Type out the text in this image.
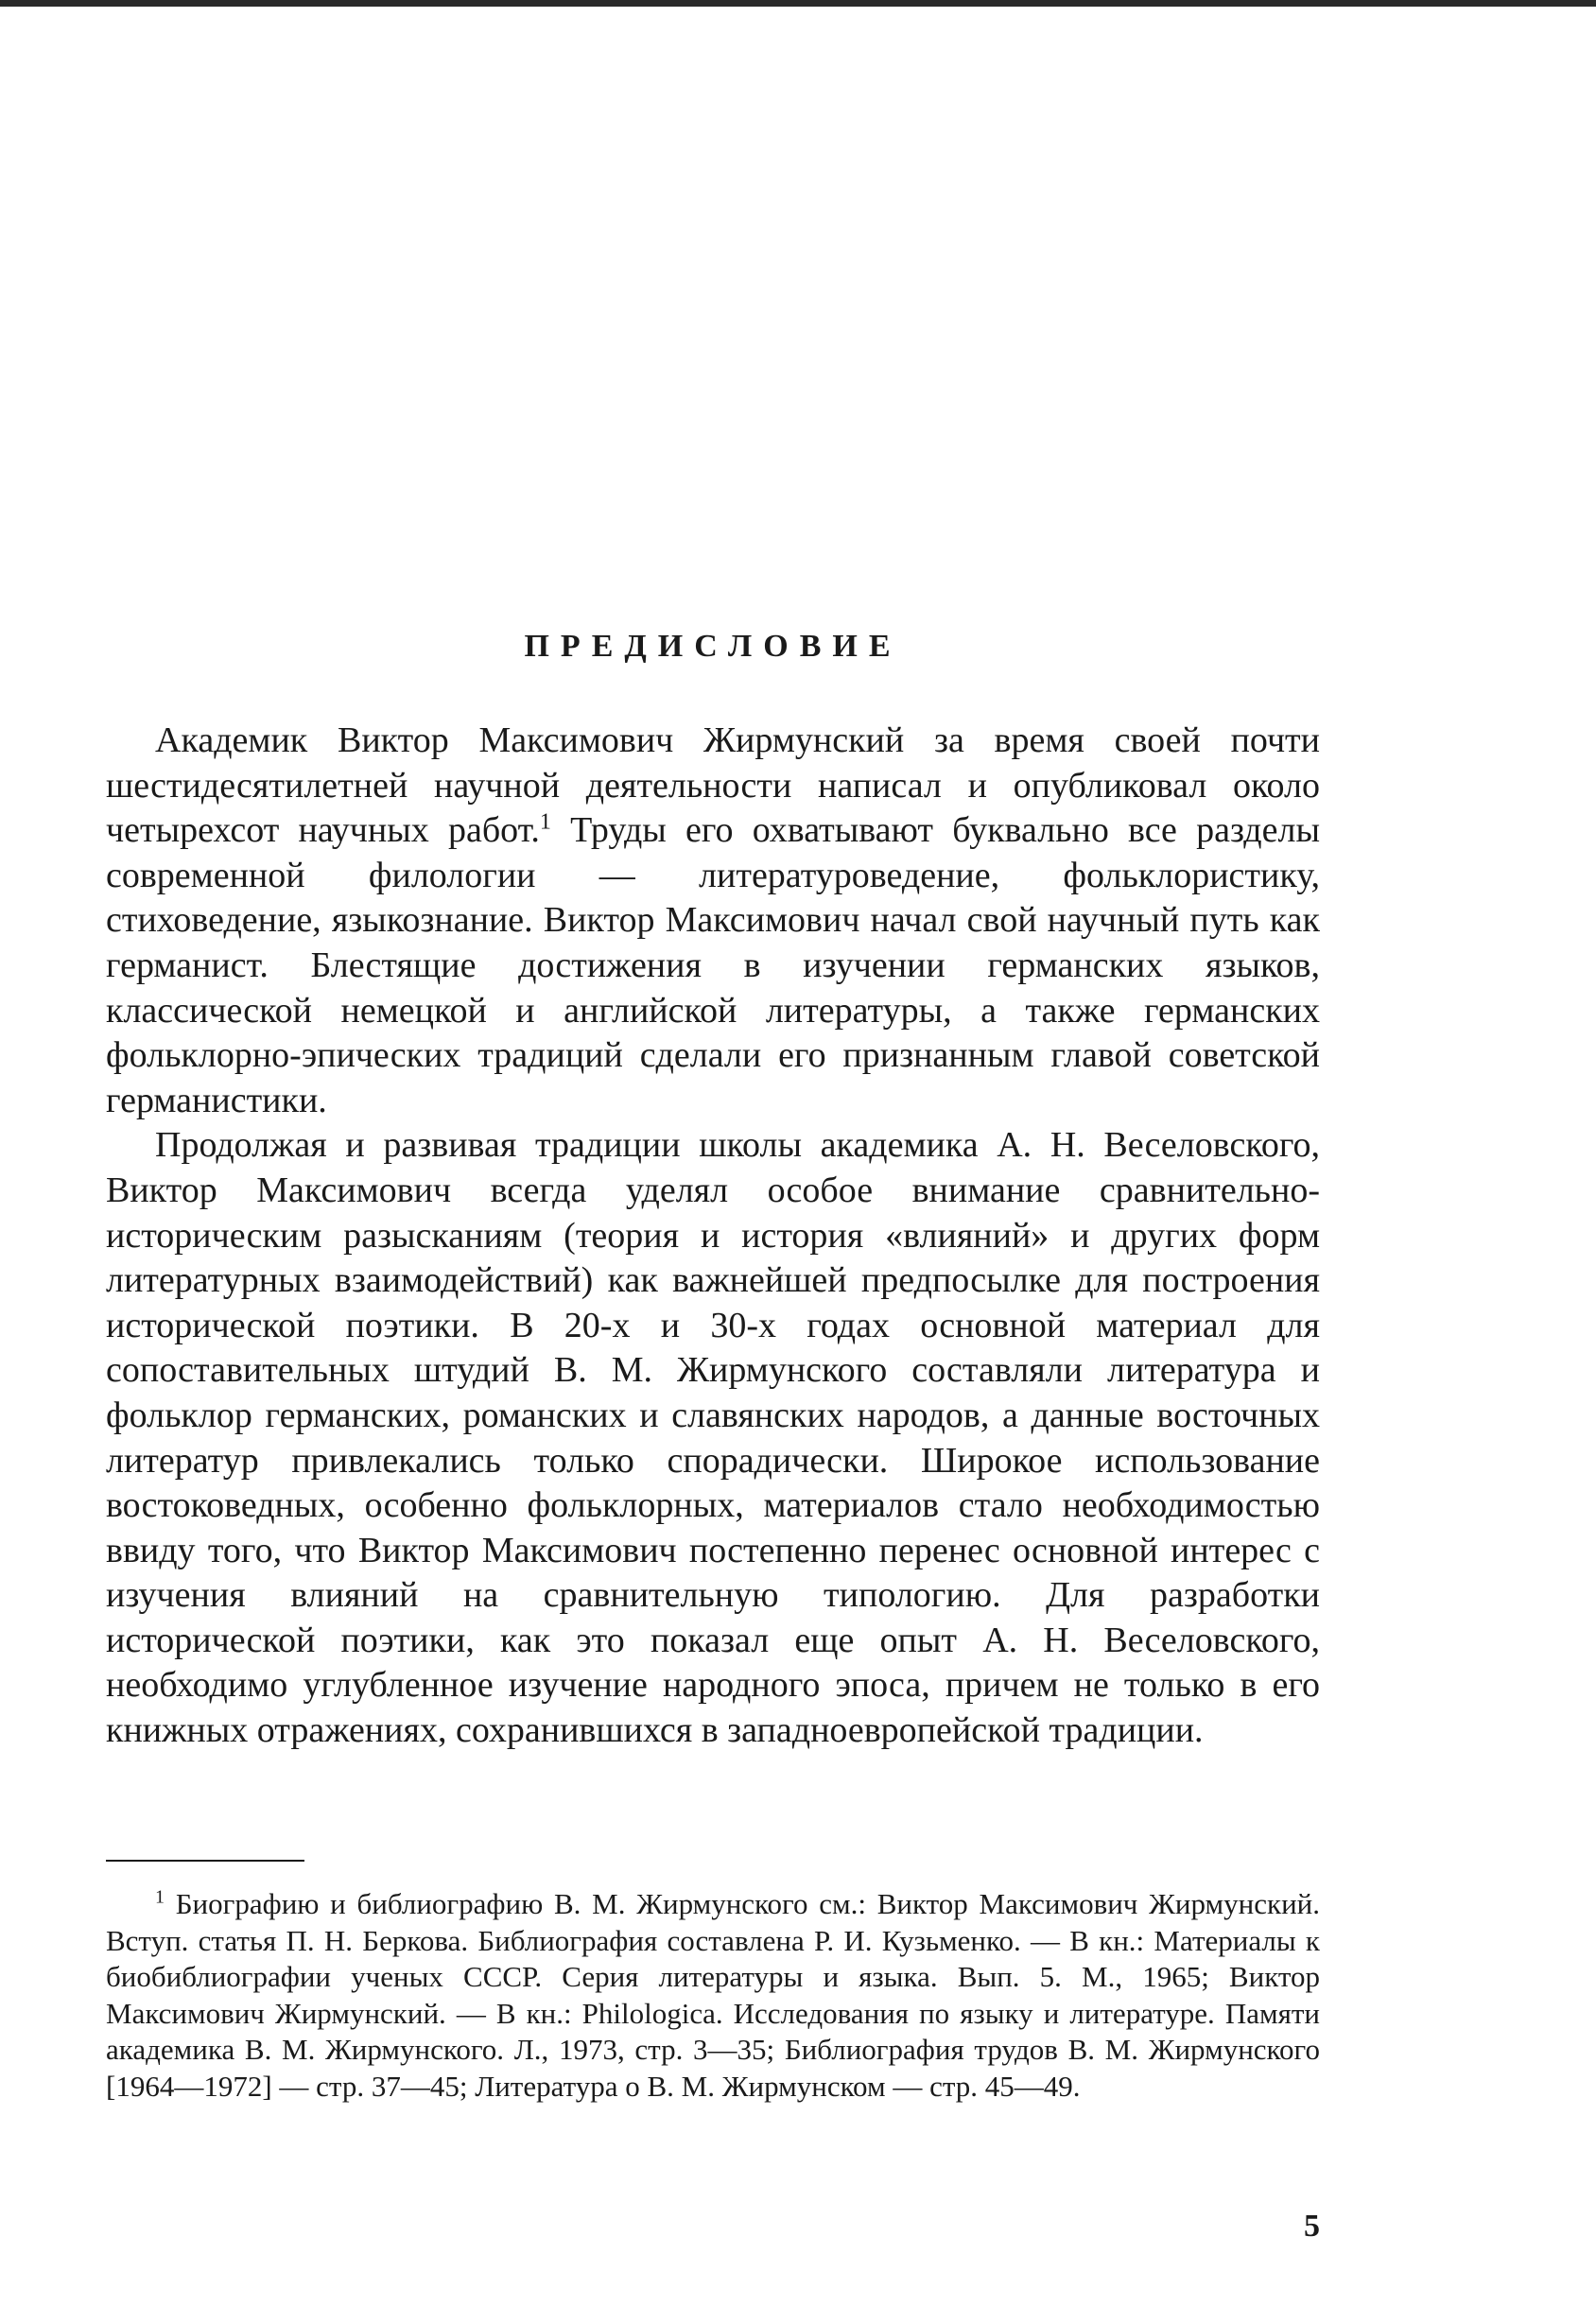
ПРЕДИСЛОВИЕ

Академик Виктор Максимович Жирмунский за время своей почти шестидесятилетней научной деятельности написал и опубликовал около четырехсот научных работ.$^1$ Труды его охватывают буквально все разделы современной филологии — литературоведение, фольклористику, стиховедение, языкознание. Виктор Максимович начал свой научный путь как германист. Блестящие достижения в изучении германских языков, классической немецкой и английской литературы, а также германских фольклорно-эпических традиций сделали его признанным главой советской германистики.

Продолжая и развивая традиции школы академика А. Н. Веселовского, Виктор Максимович всегда уделял особое внимание сравнительно-историческим разысканиям (теория и история «влияний» и других форм литературных взаимодействий) как важнейшей предпосылке для построения исторической поэтики. В 20-х и 30-х годах основной материал для сопоставительных штудий В. М. Жирмунского составляли литература и фольклор германских, романских и славянских народов, а данные восточных литератур привлекались только спорадически. Широкое использование востоковедных, особенно фольклорных, материалов стало необходимостью ввиду того, что Виктор Максимович постепенно перенес основной интерес с изучения влияний на сравнительную типологию. Для разработки исторической поэтики, как это показал еще опыт А. Н. Веселовского, необходимо углубленное изучение народного эпоса, причем не только в его книжных отражениях, сохранившихся в западноевропейской традиции.

$^1$ Биографию и библиографию В. М. Жирмунского см.: Виктор Максимович Жирмунский. Вступ. статья П. Н. Беркова. Библиография составлена Р. И. Кузьменко. — В кн.: Материалы к биобиблиографии ученых СССР. Серия литературы и языка. Вып. 5. М., 1965; Виктор Максимович Жирмунский. — В кн.: Philologica. Исследования по языку и литературе. Памяти академика В. М. Жирмунского. Л., 1973, стр. 3—35; Библиография трудов В. М. Жирмунского [1964—1972] — стр. 37—45; Литература о В. М. Жирмунском — стр. 45—49.

5
